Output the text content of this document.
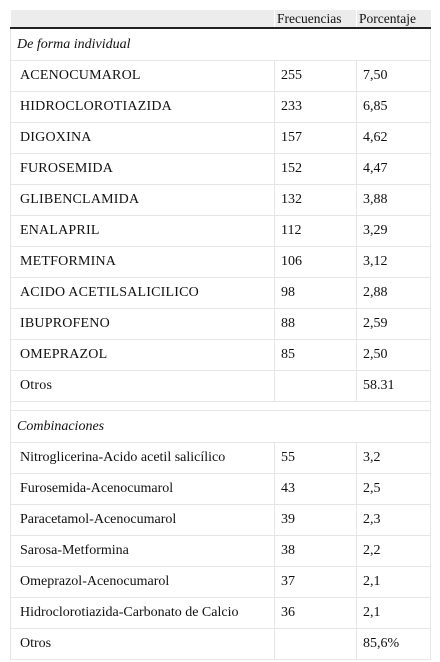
	Frecuencias	Porcentaje
De forma individual		
ACENOCUMAROL	255	7,50
HIDROCLOROTIAZIDA	233	6,85
DIGOXINA	157	4,62
FUROSEMIDA	152	4,47
GLIBENCLAMIDA	132	3,88
ENALAPRIL	112	3,29
METFORMINA	106	3,12
ACIDO ACETILSALICILICO	98	2,88
IBUPROFENO	88	2,59
OMEPRAZOL	85	2,50
Otros		58.31

Combinaciones		
Nitroglicerina-Acido acetil salicílico	55	3,2
Furosemida-Acenocumarol	43	2,5
Paracetamol-Acenocumarol	39	2,3
Sarosa-Metformina	38	2,2
Omeprazol-Acenocumarol	37	2,1
Hidroclorotiazida-Carbonato de Calcio	36	2,1
Otros		85,6%
